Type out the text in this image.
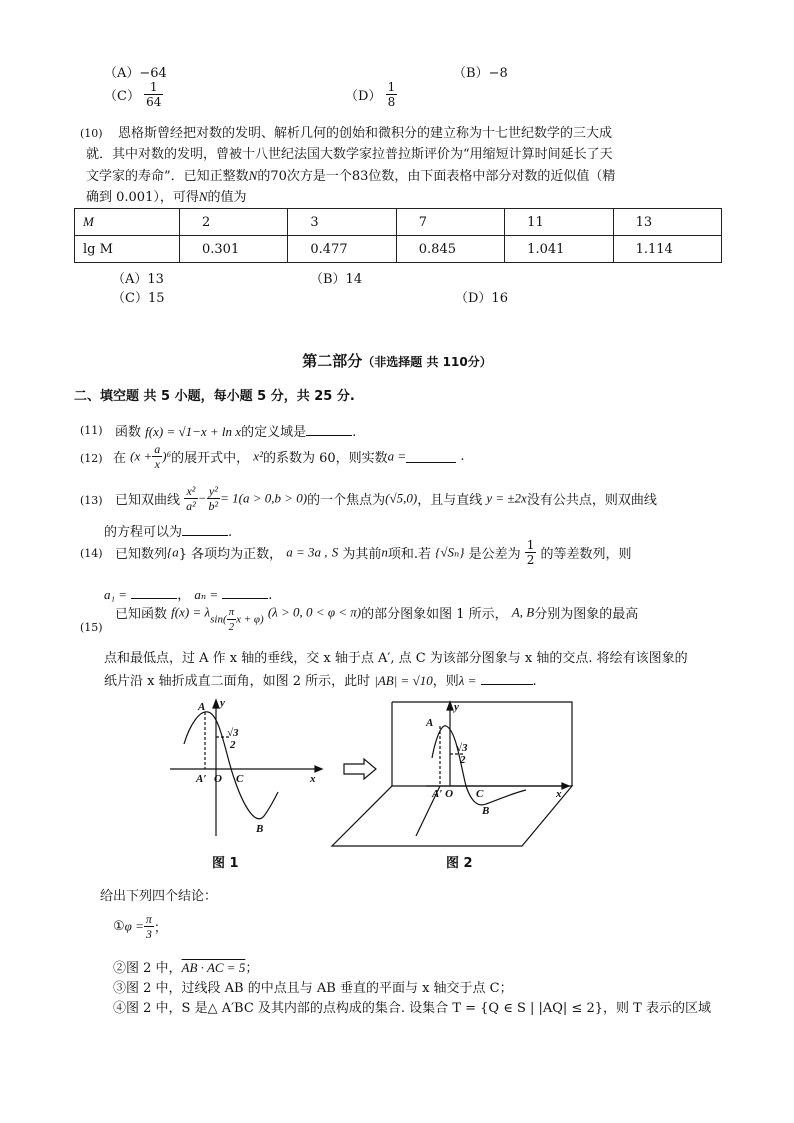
（A）−64	（B）−8
$(C) \frac{1}{64}$	$(D) \frac{1}{8}$
(10) 恩格斯曾经把对数的发明、解析几何的创始和微积分的建立称为十七世纪数学的三大成
就．其中对数的发明，曾被十八世纪法国大数学家拉普拉斯评价为“用缩短计算时间延长了天
文学家的寿命”．已知正整数N的70次方是一个83位数，由下面表格中部分对数的近似值（精
确到 0.001），可得N的值为
M	2	3	7	11	13
lg M	0.301	0.477	0.845	1.041	1.114
（A）13	（B）14
（C）15	（D）16
第二部分（非选择题 共 110分）
二、填空题 共 5 小题，每小题 5 分，共 25 分.
(11) 函数 f(x) = √1−x + ln x的定义域是	.
(12) 在 $(x + \frac{a}{x} )^6$的展开式中， x²的系数为 60，则实数a =	.
(13) 已知双曲线 $\frac{\text{x²}}{\text{a²}} - \frac{\text{y²}}{\text{b²}} = 1(a > 0,b > 0)$的一个焦点为(√5,0)，且与直线 y = ±2x没有公共点，则双曲线
的方程可以为	.
(14) 已知数列{a} 各项均为正数， a = 3a , S 为其前n项和.若 {√Sₙ} 是公差为 $\frac{1}{2}$ 的等差数列，则
a₁ =	， aₙ =	.
(15)
已知函数 $f(x) = \lambda\sin( \frac{\pi}{2}$ x + φ) (λ > 0, 0 < φ < π)的部分图象如图 1 所示， A, B分别为图象的最高
点和最低点，过 A 作 x 轴的垂线，交 x 轴于点 A′, 点 C 为该部分图象与 x 轴的交点. 将绘有该图象的
纸片沿 x 轴折成直二面角，如图 2 所示，此时 |AB| = √10，则λ =	.
A y
√3
2
A′ O C	x
B
图 1
A
y
√3
2
A′ O C	x
B
图 2
给出下列四个结论：
①φ = $\frac{\pi}{3}$ ；
②图 2 中，AB · AC = 5；
③图 2 中，过线段 AB 的中点且与 AB 垂直的平面与 x 轴交于点 C；
④图 2 中，S 是△ A′BC 及其内部的点构成的集合. 设集合 T = {Q ∈ S | |AQ| ≤ 2}，则 T 表示的区域
